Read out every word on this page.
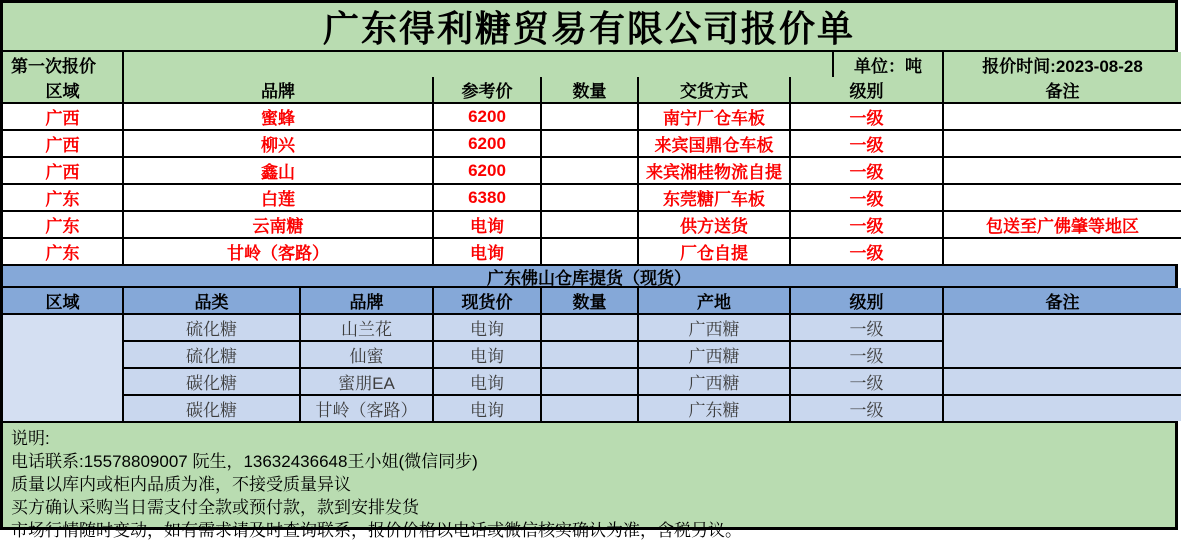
广东得利糖贸易有限公司报价单
第一次报价		单位：吨	报价时间:2023-08-28
区域	品牌	参考价	数量	交货方式	级别	备注
广西	蜜蜂	6200		南宁厂仓车板	一级	
广西	柳兴	6200		来宾国鼎仓车板	一级	
广西	鑫山	6200		来宾湘桂物流自提	一级	
广东	白莲	6380		东莞糖厂车板	一级	
广东	云南糖	电询		供方送货	一级	包送至广佛肇等地区
广东	甘岭（客路）	电询		厂仓自提	一级	
广东佛山仓库提货（现货）
区域	品类	品牌	现货价	数量	产地	级别	备注
	硫化糖	山兰花	电询		广西糖	一级	
	硫化糖	仙蜜	电询		广西糖	一级	
	碳化糖	蜜朋EA	电询		广西糖	一级	
	碳化糖	甘岭（客路）	电询		广东糖	一级	
说明:
电话联系:15578809007 阮生，13632436648王小姐(微信同步)
质量以库内或柜内品质为准，不接受质量异议
买方确认采购当日需支付全款或预付款，款到安排发货
市场行情随时变动，如有需求请及时查询联系，报价价格以电话或微信核实确认为准，含税另议。
